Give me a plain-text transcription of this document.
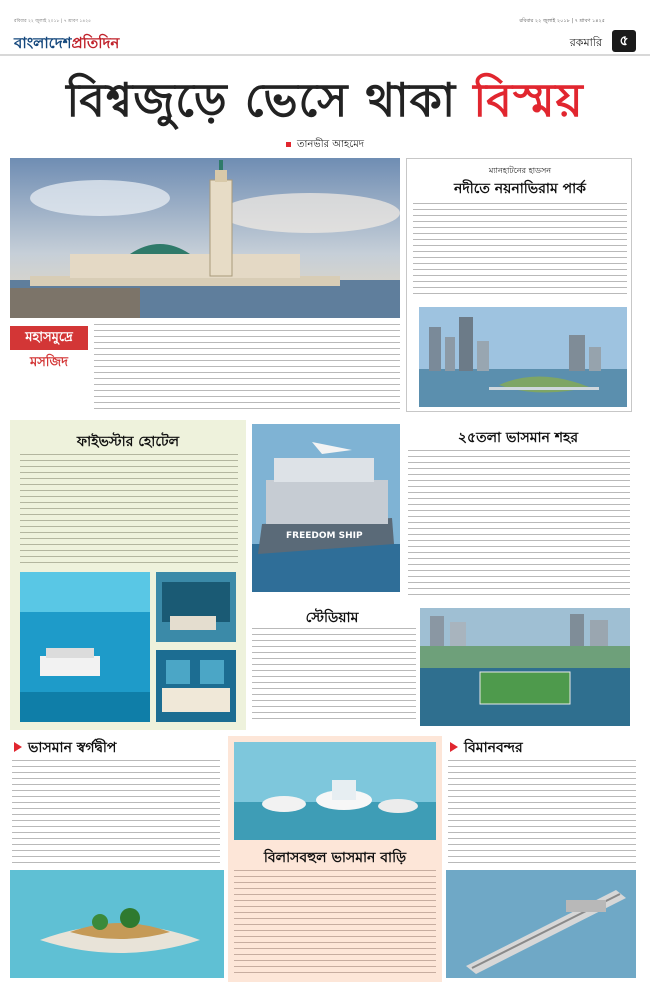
রবিবার ২২ জুলাই ২০১৮ | ৭ শ্রাবণ ১৪২৫
বাংলাদেশপ্রতিদিন
রবিবার ২২ জুলাই ২০১৮ | ৭ শ্রাবণ ১৪২৫
রকমারি	৫
বিশ্বজুড়ে ভেসে থাকা বিস্ময়
তানভীর আহমেদ
মহাসমুদ্রে
মসজিদ
ম্যানহাটনের হাডসন
নদীতে নয়নাভিরাম পার্ক
ফাইভস্টার হোটেল
FREEDOM SHIP
২৫তলা ভাসমান শহর
স্টেডিয়াম
ভাসমান স্বর্গদ্বীপ
বিলাসবহুল ভাসমান বাড়ি
বিমানবন্দর
